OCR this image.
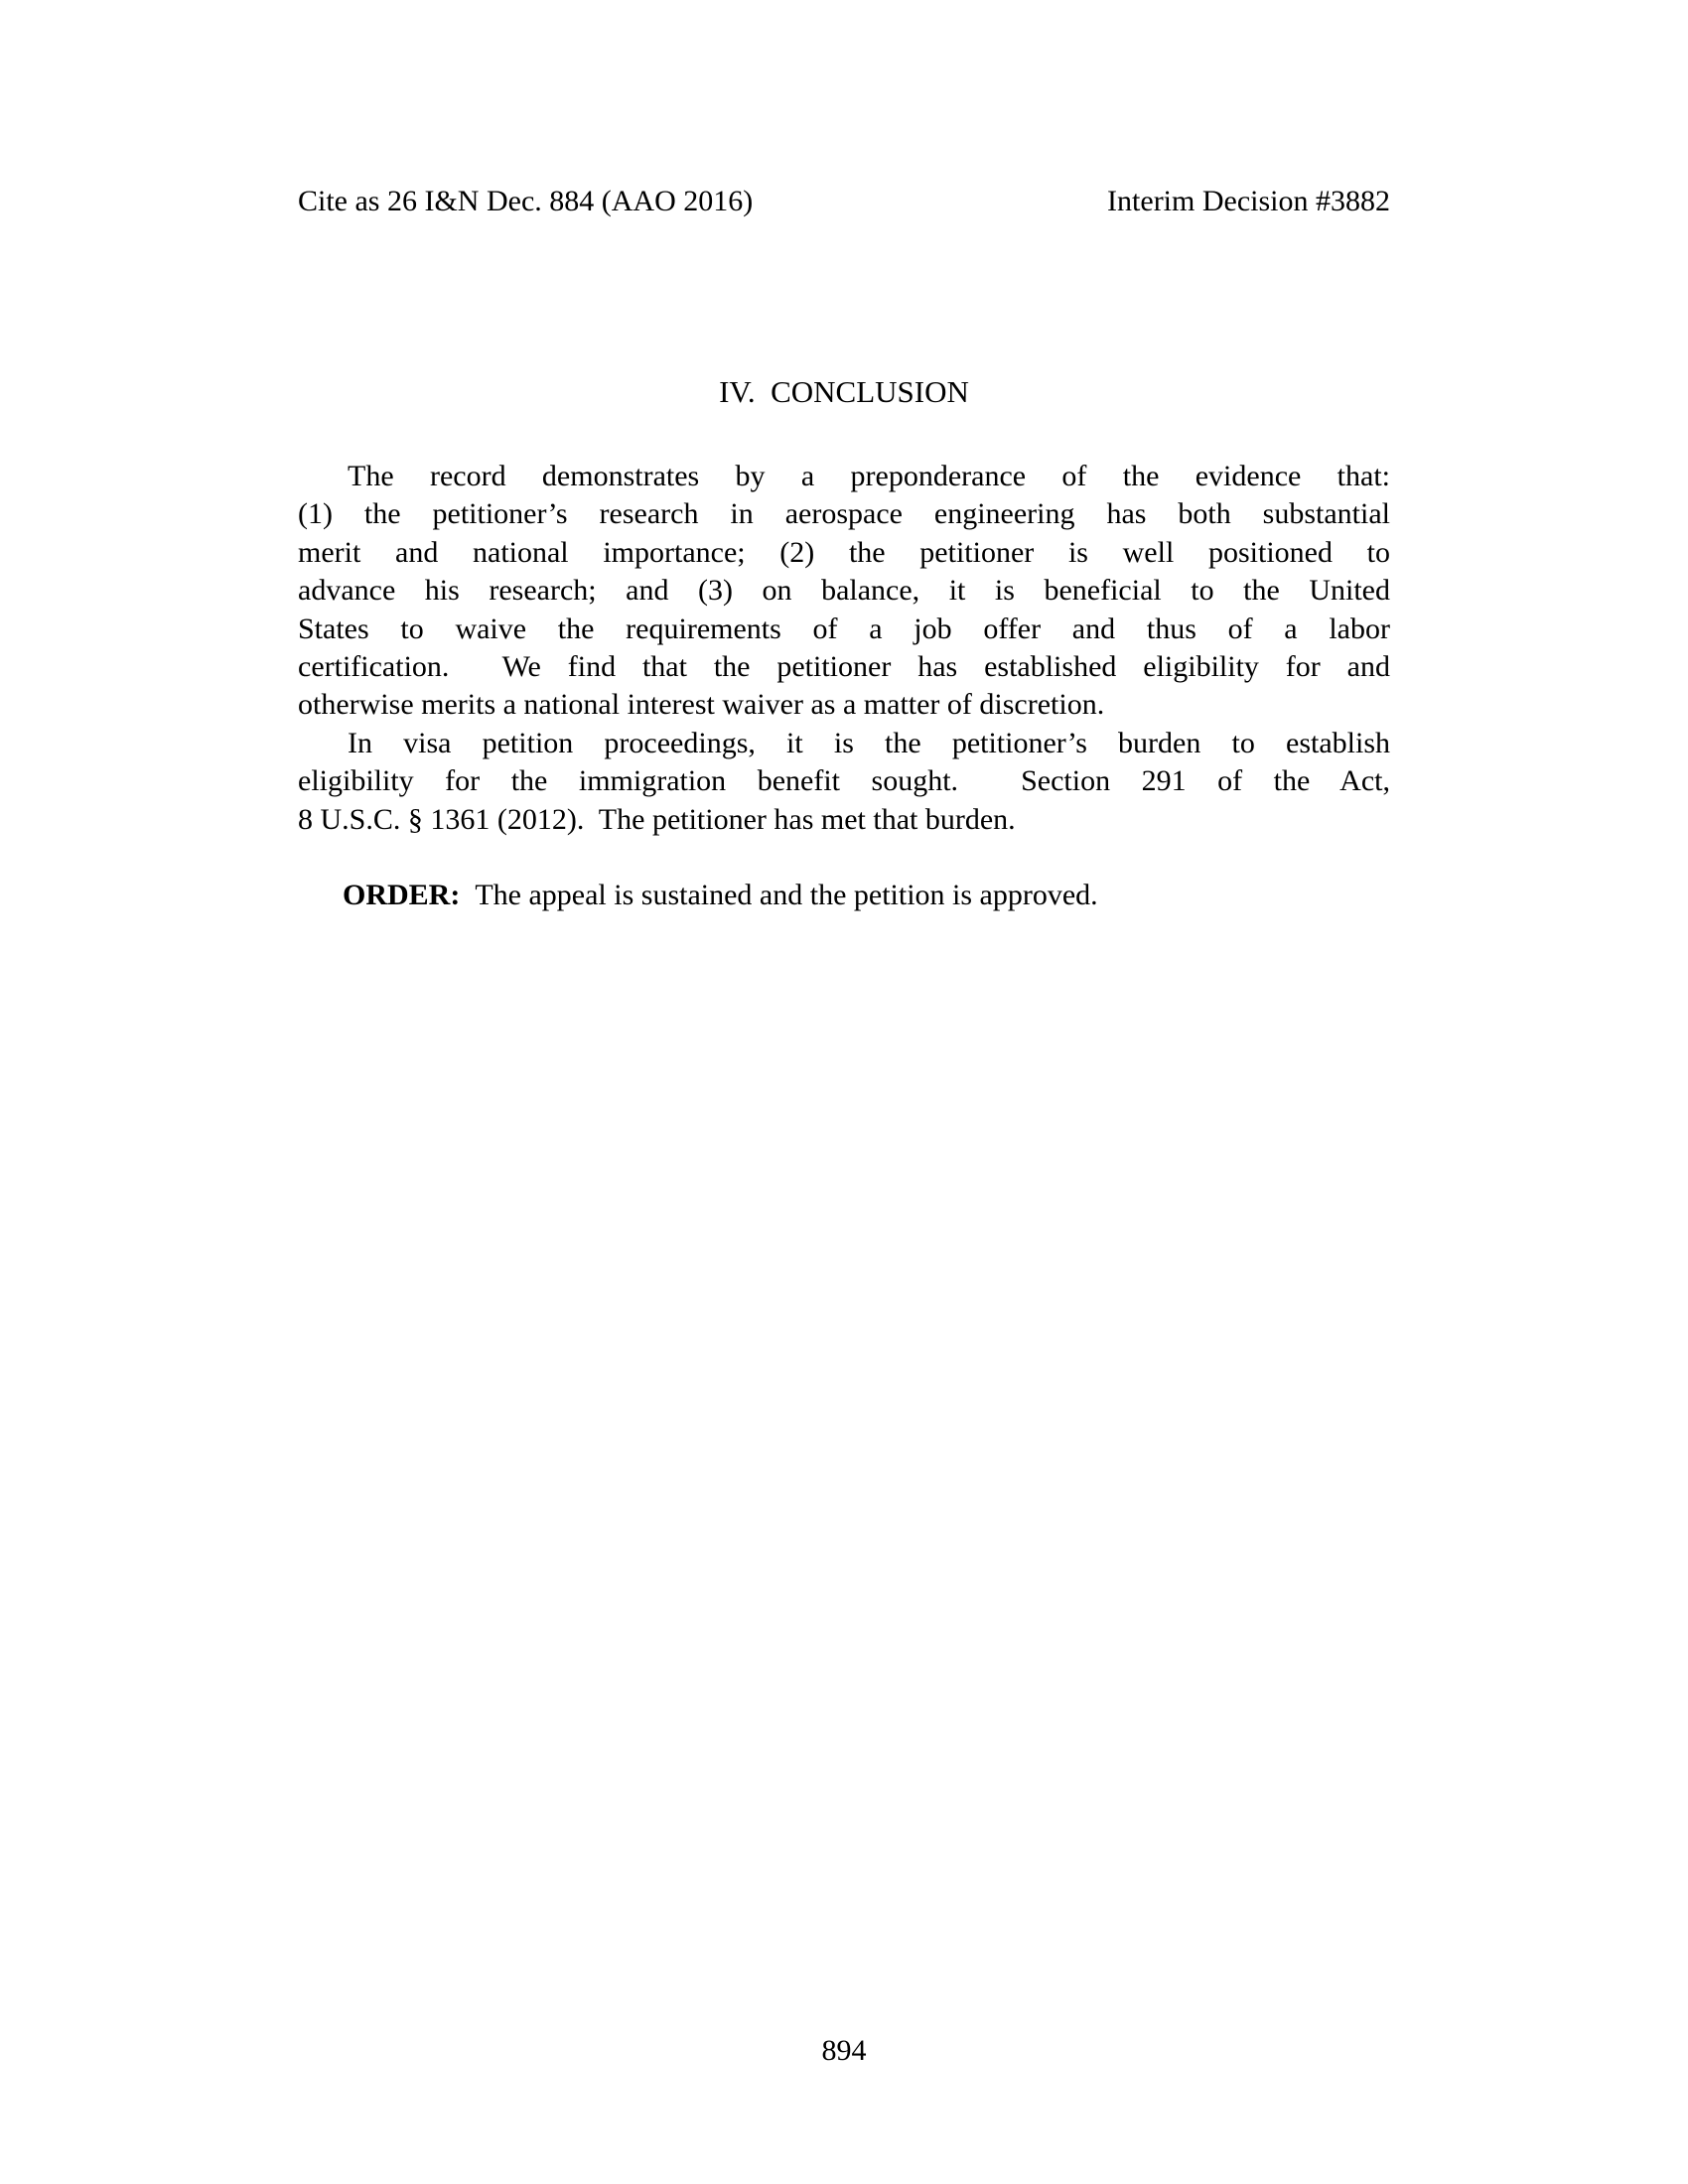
Cite as 26 I&N Dec. 884 (AAO 2016)	Interim Decision #3882
IV.  CONCLUSION
The record demonstrates by a preponderance of the evidence that:
(1) the petitioner’s research in aerospace engineering has both substantial
merit and national importance; (2) the petitioner is well positioned to
advance his research; and (3) on balance, it is beneficial to the United
States to waive the requirements of a job offer and thus of a labor
certification.  We find that the petitioner has established eligibility for and
otherwise merits a national interest waiver as a matter of discretion.
In visa petition proceedings, it is the petitioner’s burden to establish
eligibility for the immigration benefit sought.  Section 291 of the Act,
8 U.S.C. § 1361 (2012).  The petitioner has met that burden.

ORDER: The appeal is sustained and the petition is approved.

894
